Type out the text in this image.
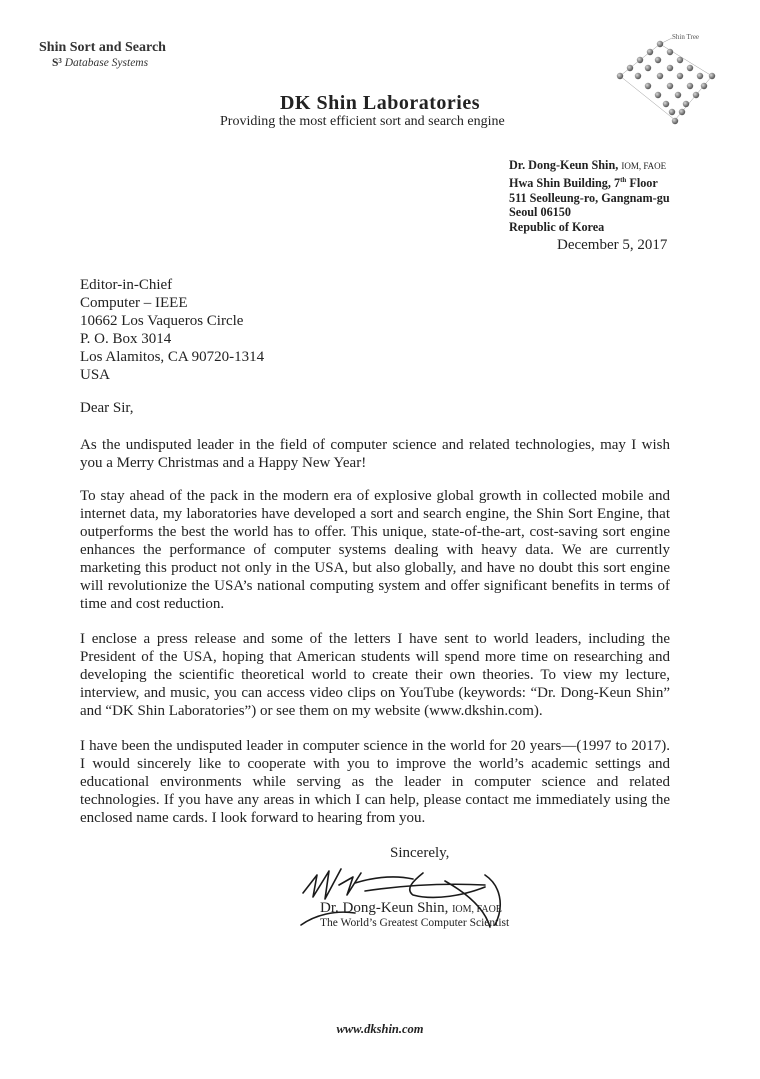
Shin Sort and Search
S³ Database Systems
DK Shin Laboratories
Providing the most efficient sort and search engine
Shin Tree
Dr. Dong-Keun Shin, IOM, FAOE
Hwa Shin Building, 7th Floor
511 Seolleung-ro, Gangnam-gu
Seoul 06150
Republic of Korea
December 5, 2017
Editor-in-Chief
Computer – IEEE
10662 Los Vaqueros Circle
P. O. Box 3014
Los Alamitos, CA 90720-1314
USA
Dear Sir,
As the undisputed leader in the field of computer science and related technologies, may I wish you a Merry Christmas and a Happy New Year!
To stay ahead of the pack in the modern era of explosive global growth in collected mobile and internet data, my laboratories have developed a sort and search engine, the Shin Sort Engine, that outperforms the best the world has to offer. This unique, state-of-the-art, cost-saving sort engine enhances the performance of computer systems dealing with heavy data. We are currently marketing this product not only in the USA, but also globally, and have no doubt this sort engine will revolutionize the USA’s national computing system and offer significant benefits in terms of time and cost reduction.
I enclose a press release and some of the letters I have sent to world leaders, including the President of the USA, hoping that American students will spend more time on researching and developing the scientific theoretical world to create their own theories. To view my lecture, interview, and music, you can access video clips on YouTube (keywords: “Dr. Dong-Keun Shin” and “DK Shin Laboratories”) or see them on my website (www.dkshin.com).
I have been the undisputed leader in computer science in the world for 20 years—(1997 to 2017). I would sincerely like to cooperate with you to improve the world’s academic settings and educational environments while serving as the leader in computer science and related technologies. If you have any areas in which I can help, please contact me immediately using the enclosed name cards. I look forward to hearing from you.
Sincerely,
Dr. Dong-Keun Shin, IOM, FAOE
The World’s Greatest Computer Scientist
www.dkshin.com
